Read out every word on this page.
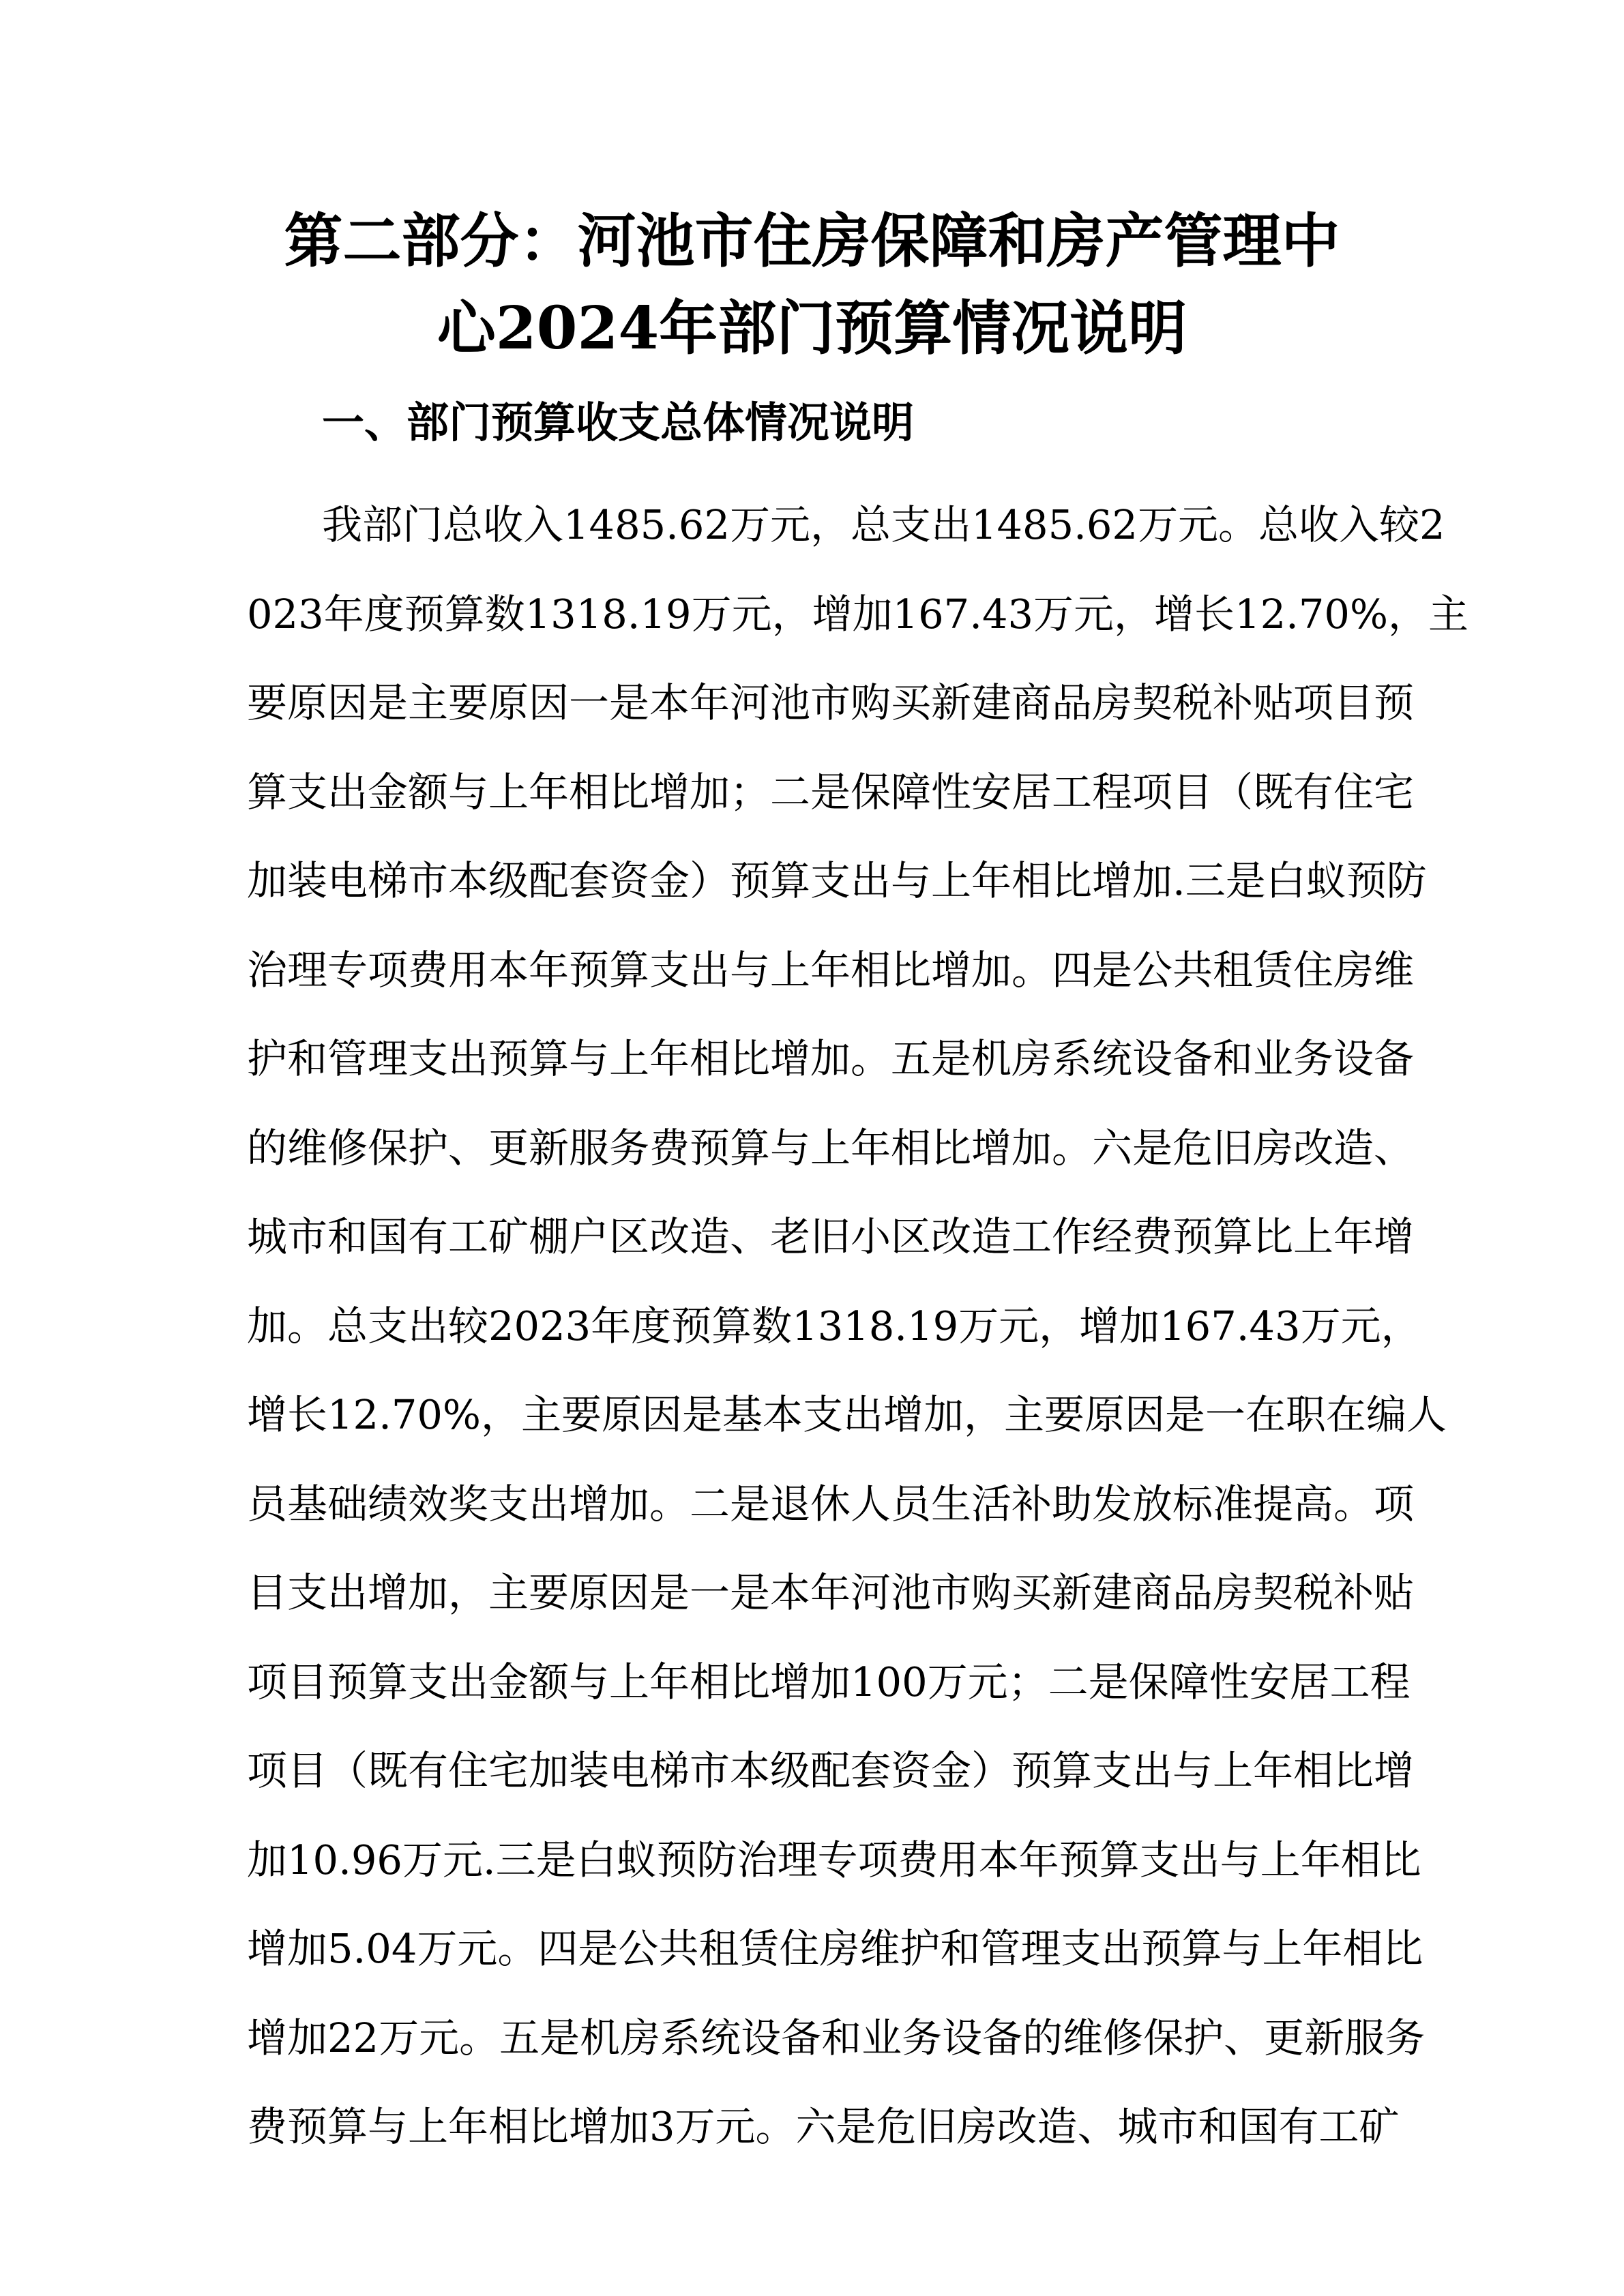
第二部分：河池市住房保障和房产管理中
心2024年部门预算情况说明
一、部门预算收支总体情况说明
我部门总收入1485.62万元，总支出1485.62万元。总收入较2
023年度预算数1318.19万元，增加167.43万元，增长12.70%，主
要原因是主要原因一是本年河池市购买新建商品房契税补贴项目预
算支出金额与上年相比增加；二是保障性安居工程项目（既有住宅
加装电梯市本级配套资金）预算支出与上年相比增加.三是白蚁预防
治理专项费用本年预算支出与上年相比增加。四是公共租赁住房维
护和管理支出预算与上年相比增加。五是机房系统设备和业务设备
的维修保护、更新服务费预算与上年相比增加。六是危旧房改造、
城市和国有工矿棚户区改造、老旧小区改造工作经费预算比上年增
加。总支出较2023年度预算数1318.19万元，增加167.43万元，
增长12.70%，主要原因是基本支出增加，主要原因是一在职在编人
员基础绩效奖支出增加。二是退休人员生活补助发放标准提高。项
目支出增加，主要原因是一是本年河池市购买新建商品房契税补贴
项目预算支出金额与上年相比增加100万元；二是保障性安居工程
项目（既有住宅加装电梯市本级配套资金）预算支出与上年相比增
加10.96万元.三是白蚁预防治理专项费用本年预算支出与上年相比
增加5.04万元。四是公共租赁住房维护和管理支出预算与上年相比
增加22万元。五是机房系统设备和业务设备的维修保护、更新服务
费预算与上年相比增加3万元。六是危旧房改造、城市和国有工矿
